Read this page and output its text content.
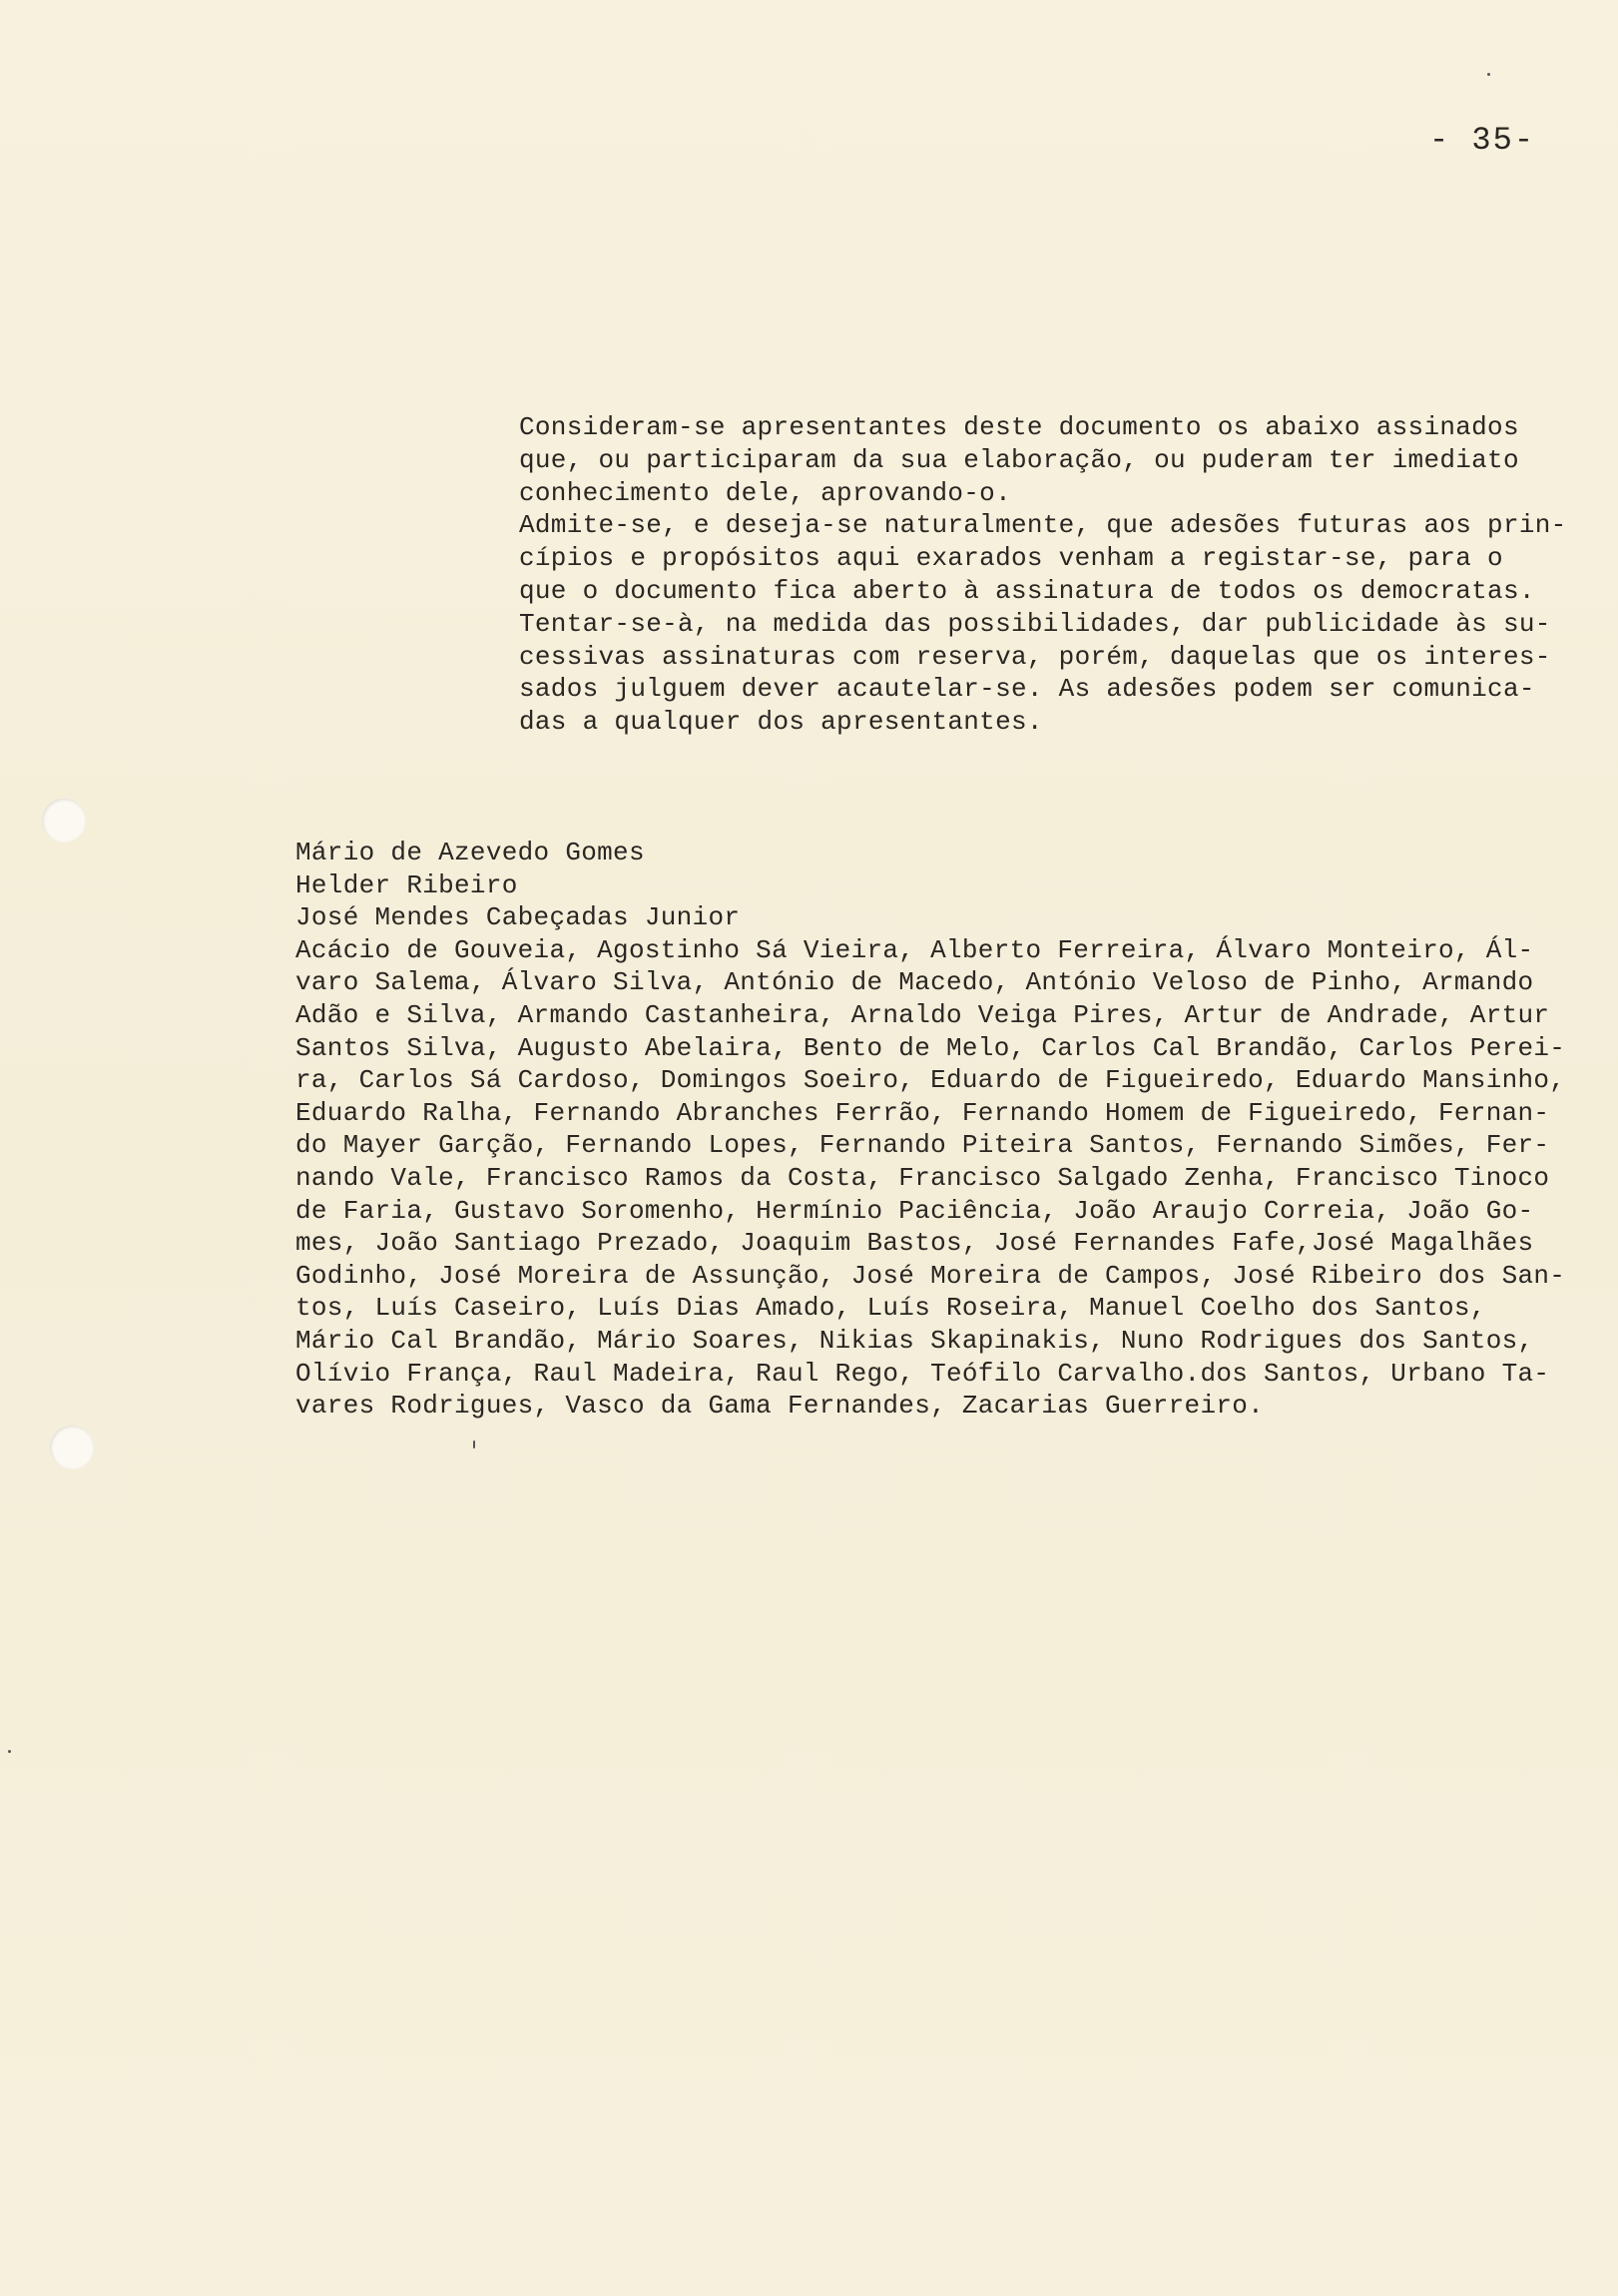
- 35-
Consideram-se apresentantes deste documento os abaixo assinados
que, ou participaram da sua elaboração, ou puderam ter imediato
conhecimento dele, aprovando-o.
Admite-se, e deseja-se naturalmente, que adesões futuras aos prin-
cípios e propósitos aqui exarados venham a registar-se, para o
que o documento fica aberto à assinatura de todos os democratas.
Tentar-se-à, na medida das possibilidades, dar publicidade às su-
cessivas assinaturas com reserva, porém, daquelas que os interes-
sados julguem dever acautelar-se. As adesões podem ser comunica-
das a qualquer dos apresentantes.
Mário de Azevedo Gomes
Helder Ribeiro
José Mendes Cabeçadas Junior
Acácio de Gouveia, Agostinho Sá Vieira, Alberto Ferreira, Álvaro Monteiro, Ál-
varo Salema, Álvaro Silva, António de Macedo, António Veloso de Pinho, Armando
Adão e Silva, Armando Castanheira, Arnaldo Veiga Pires, Artur de Andrade, Artur
Santos Silva, Augusto Abelaira, Bento de Melo, Carlos Cal Brandão, Carlos Perei-
ra, Carlos Sá Cardoso, Domingos Soeiro, Eduardo de Figueiredo, Eduardo Mansinho,
Eduardo Ralha, Fernando Abranches Ferrão, Fernando Homem de Figueiredo, Fernan-
do Mayer Garção, Fernando Lopes, Fernando Piteira Santos, Fernando Simões, Fer-
nando Vale, Francisco Ramos da Costa, Francisco Salgado Zenha, Francisco Tinoco
de Faria, Gustavo Soromenho, Hermínio Paciência, João Araujo Correia, João Go-
mes, João Santiago Prezado, Joaquim Bastos, José Fernandes Fafe,José Magalhães
Godinho, José Moreira de Assunção, José Moreira de Campos, José Ribeiro dos San-
tos, Luís Caseiro, Luís Dias Amado, Luís Roseira, Manuel Coelho dos Santos,
Mário Cal Brandão, Mário Soares, Nikias Skapinakis, Nuno Rodrigues dos Santos,
Olívio França, Raul Madeira, Raul Rego, Teófilo Carvalho.dos Santos, Urbano Ta-
vares Rodrigues, Vasco da Gama Fernandes, Zacarias Guerreiro.
